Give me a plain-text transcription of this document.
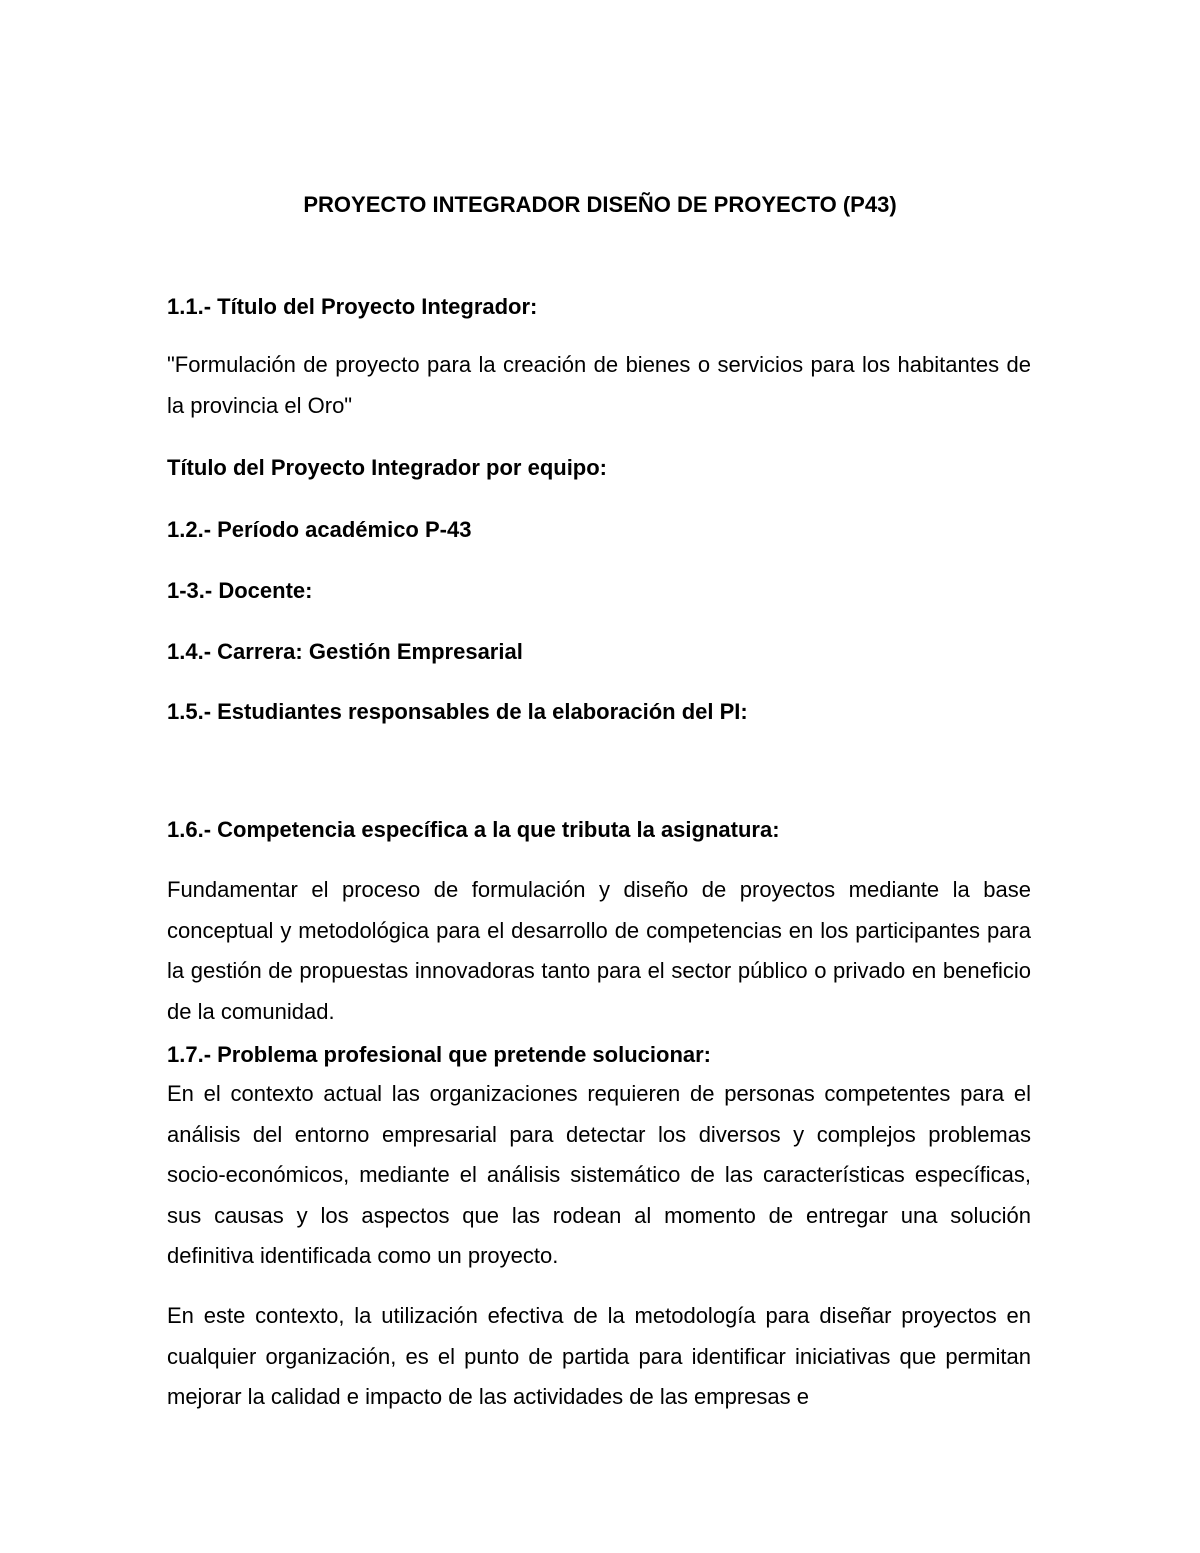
PROYECTO INTEGRADOR DISEÑO DE PROYECTO (P43)
1.1.- Título del Proyecto Integrador:
"Formulación de proyecto para la creación de bienes o servicios para los habitantes de la provincia el Oro"
Título del Proyecto Integrador por equipo:
1.2.- Período académico P-43
1-3.- Docente:
1.4.- Carrera: Gestión Empresarial
1.5.- Estudiantes responsables de la elaboración del PI:
1.6.- Competencia específica a la que tributa la asignatura:
Fundamentar el proceso de formulación y diseño de proyectos mediante la base conceptual y metodológica para el desarrollo de competencias en los participantes para la gestión de propuestas innovadoras tanto para el sector público o privado en beneficio de la comunidad.
1.7.- Problema profesional que pretende solucionar:
En el contexto actual las organizaciones requieren de personas competentes para el análisis del entorno empresarial para detectar los diversos y complejos problemas socio-económicos, mediante el análisis sistemático de las características específicas, sus causas y los aspectos que las rodean al momento de entregar una solución definitiva identificada como un proyecto.
En este contexto, la utilización efectiva de la metodología para diseñar proyectos en cualquier organización, es el punto de partida para identificar iniciativas que permitan mejorar la calidad e impacto de las actividades de las empresas e
